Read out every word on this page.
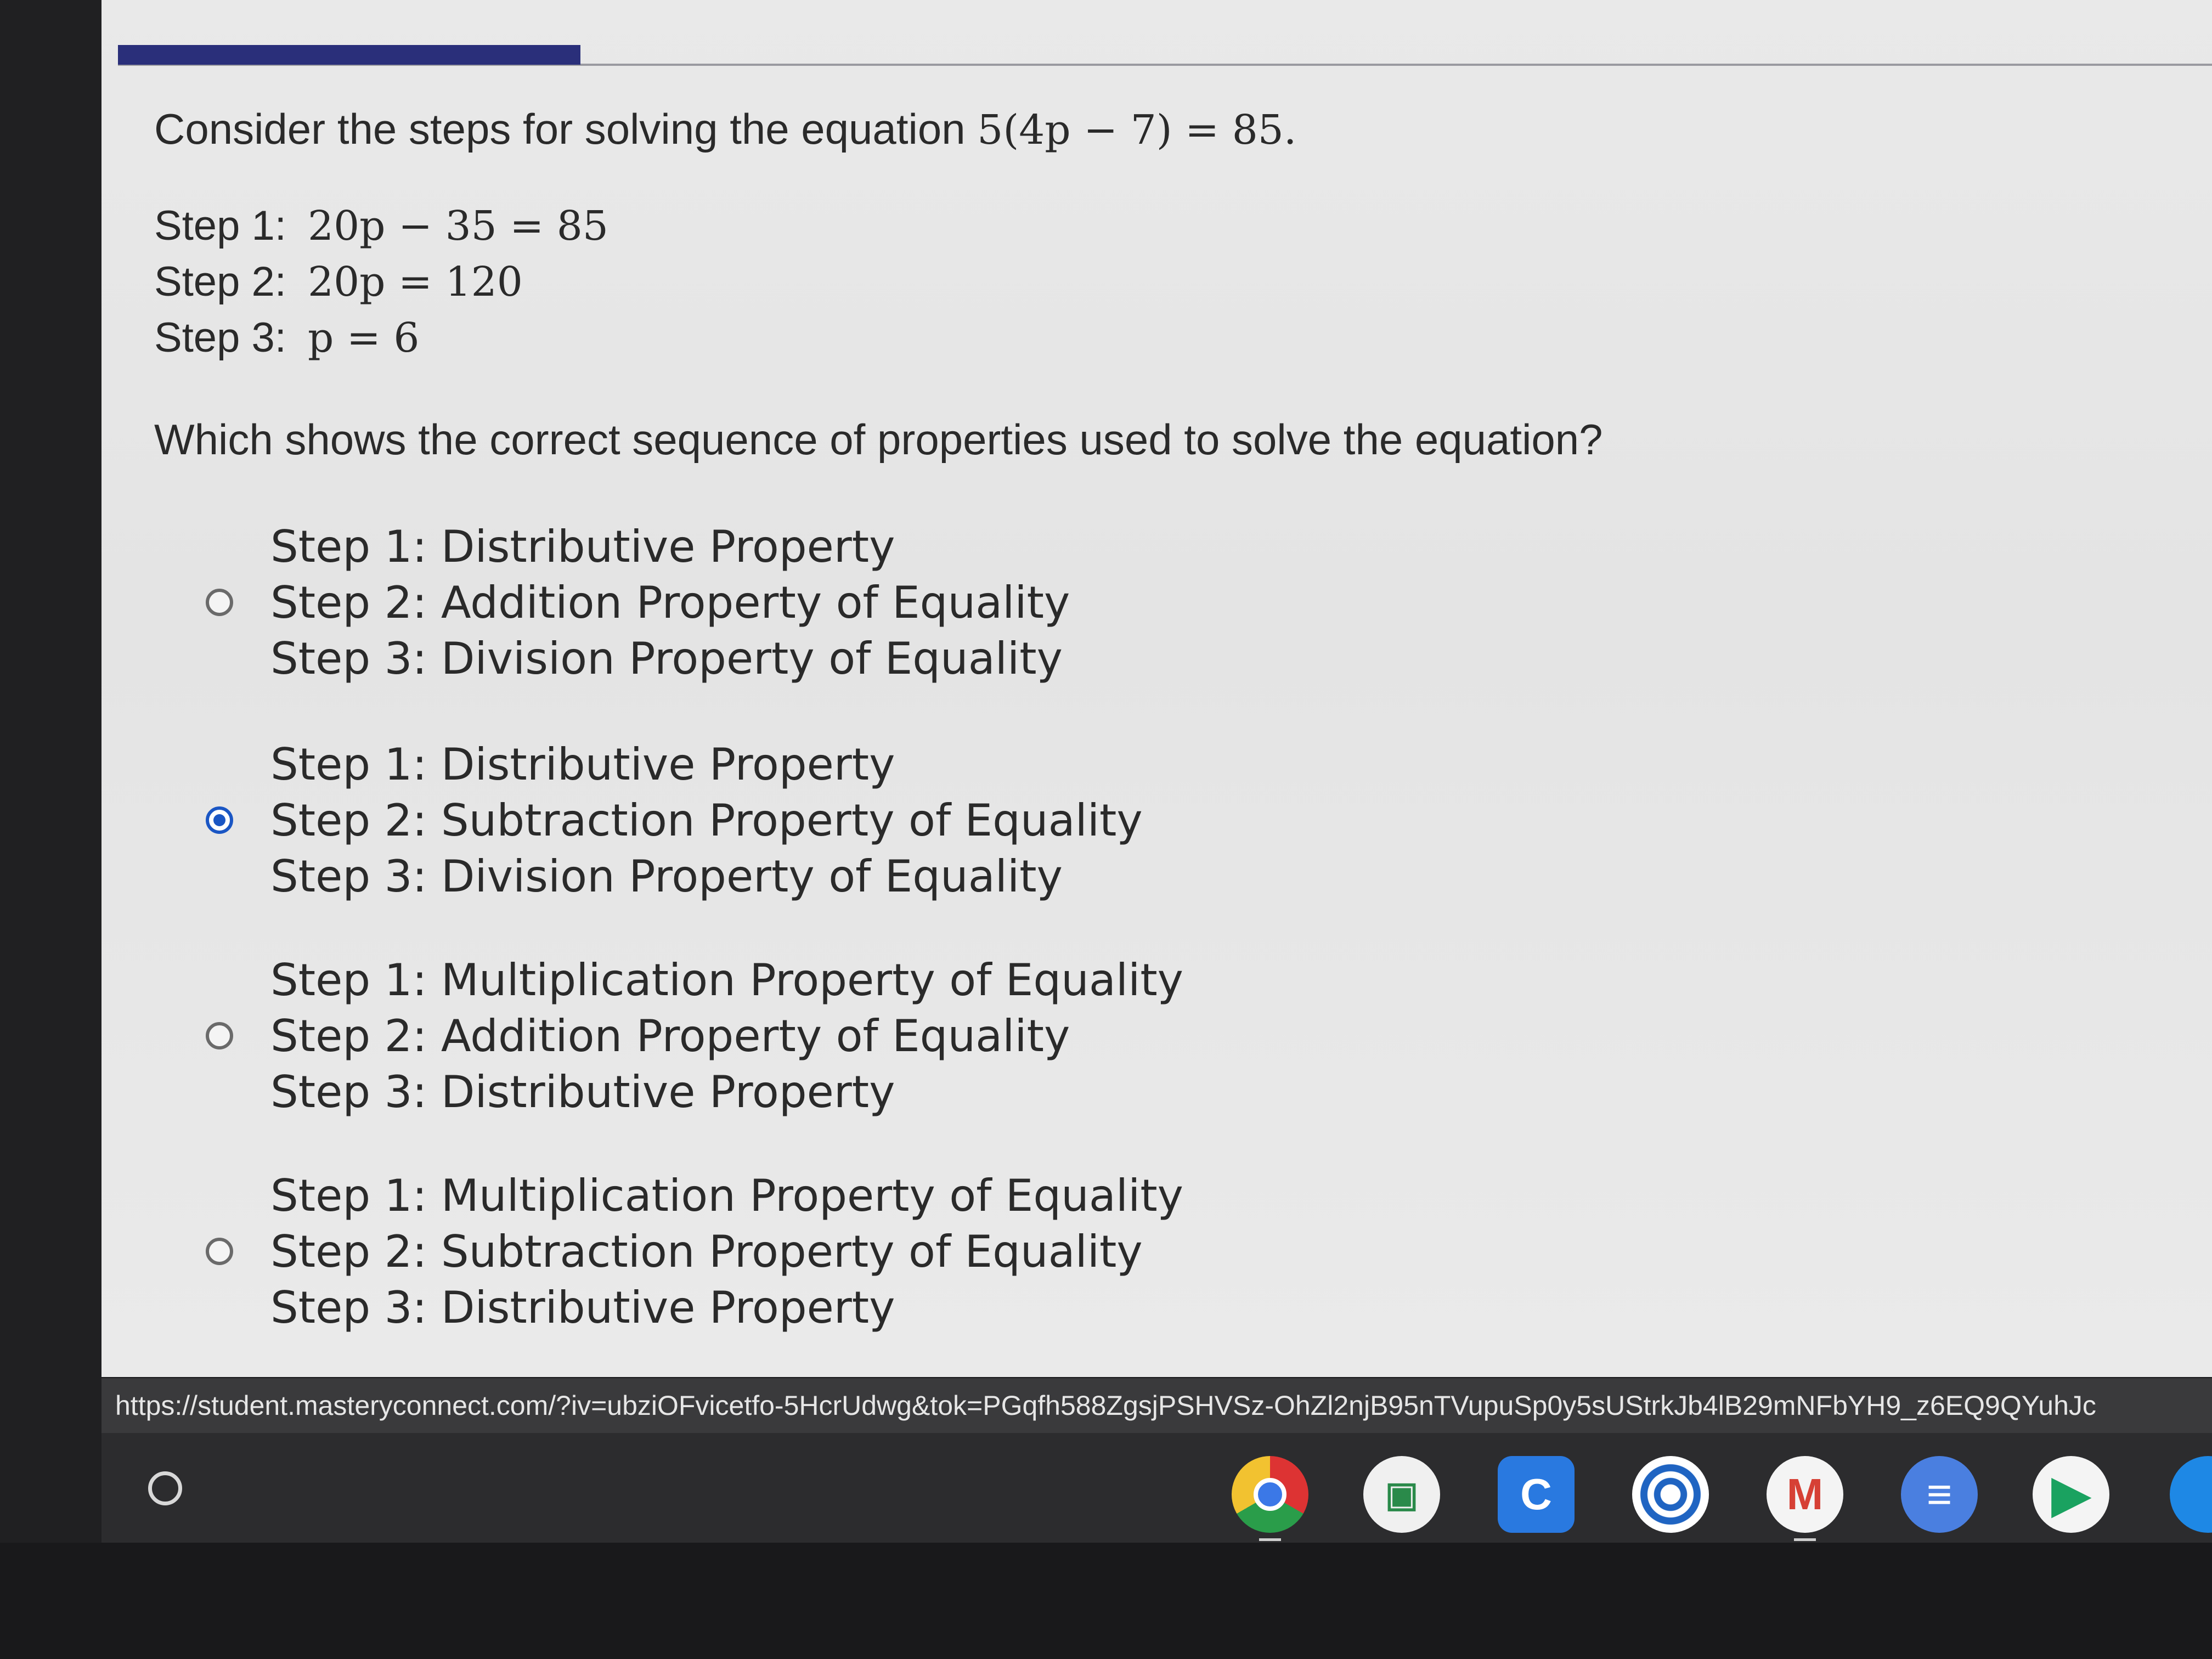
Consider the steps for solving the equation 5(4p − 7) = 85.
Step 1: 20p − 35 = 85
Step 2: 20p = 120
Step 3: p = 6
Which shows the correct sequence of properties used to solve the equation?
Step 1: Distributive Property
Step 2: Addition Property of Equality
Step 3: Division Property of Equality
Step 1: Distributive Property
Step 2: Subtraction Property of Equality
Step 3: Division Property of Equality
Step 1: Multiplication Property of Equality
Step 2: Addition Property of Equality
Step 3: Distributive Property
Step 1: Multiplication Property of Equality
Step 2: Subtraction Property of Equality
Step 3: Distributive Property
https://student.masteryconnect.com/?iv=ubziOFvicetfo-5HcrUdwg&tok=PGqfh588ZgsjPSHVSz-OhZl2njB95nTVupuSp0y5sUStrkJb4lB29mNFbYH9_z6EQ9QYuhJc
▣	C	M	≡	▶
